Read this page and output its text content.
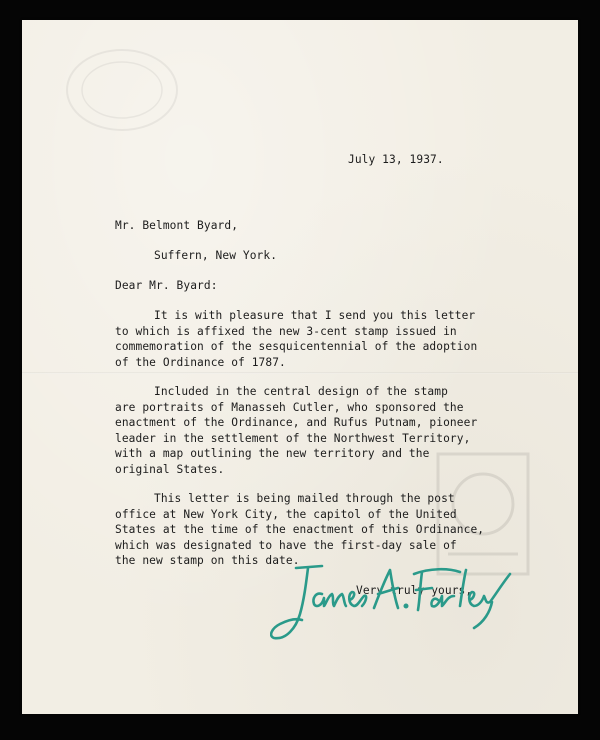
July 13, 1937.

Mr. Belmont Byard,

Suffern, New York.

Dear Mr. Byard:

It is with pleasure that I send you this letter

to which is affixed the new 3-cent stamp issued in

commemoration of the sesquicentennial of the adoption

of the Ordinance of 1787.

Included in the central design of the stamp

are portraits of Manasseh Cutler, who sponsored the

enactment of the Ordinance, and Rufus Putnam, pioneer

leader in the settlement of the Northwest Territory,

with a map outlining the new territory and the

original States.

This letter is being mailed through the post

office at New York City, the capitol of the United

States at the time of the enactment of this Ordinance,

which was designated to have the first-day sale of

the new stamp on this date.

Very truly yours,
